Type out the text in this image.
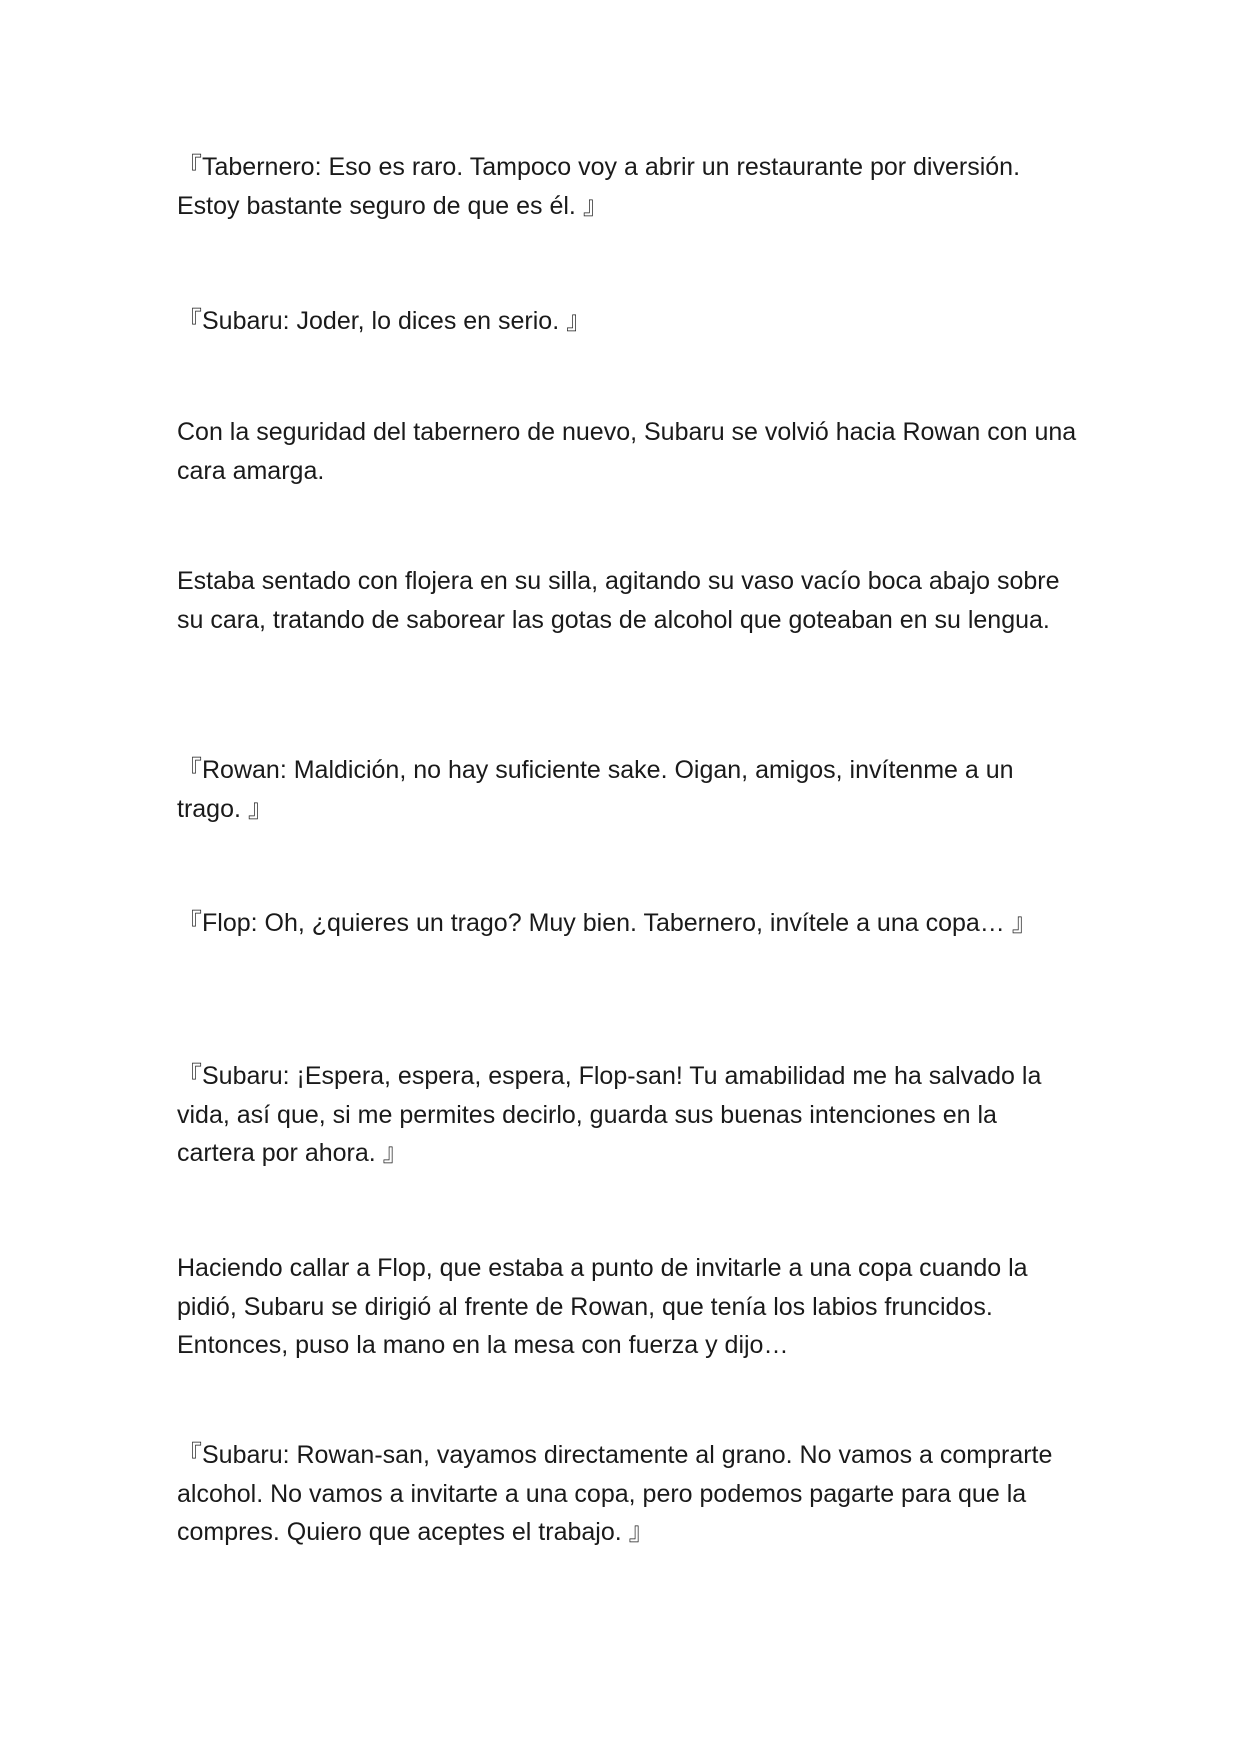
『Tabernero: Eso es raro. Tampoco voy a abrir un restaurante por diversión. Estoy bastante seguro de que es él. 』

『Subaru: Joder, lo dices en serio. 』

Con la seguridad del tabernero de nuevo, Subaru se volvió hacia Rowan con una cara amarga.

Estaba sentado con flojera en su silla, agitando su vaso vacío boca abajo sobre su cara, tratando de saborear las gotas de alcohol que goteaban en su lengua.

『Rowan: Maldición, no hay suficiente sake. Oigan, amigos, invítenme a un trago. 』

『Flop: Oh, ¿quieres un trago? Muy bien. Tabernero, invítele a una copa… 』

『Subaru: ¡Espera, espera, espera, Flop-san! Tu amabilidad me ha salvado la vida, así que, si me permites decirlo, guarda sus buenas intenciones en la cartera por ahora. 』

Haciendo callar a Flop, que estaba a punto de invitarle a una copa cuando la pidió, Subaru se dirigió al frente de Rowan, que tenía los labios fruncidos. Entonces, puso la mano en la mesa con fuerza y dijo…

『Subaru: Rowan-san, vayamos directamente al grano. No vamos a comprarte alcohol. No vamos a invitarte a una copa, pero podemos pagarte para que la compres. Quiero que aceptes el trabajo. 』
